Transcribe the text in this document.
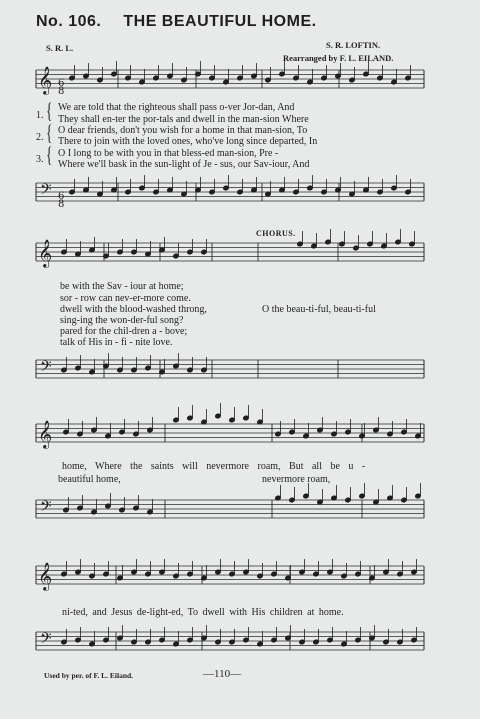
No. 106. THE BEAUTIFUL HOME.
S. R. L.	S. R. LOFTIN.
Rearranged by F. L. EILAND.
𝄞
𝄞
𝄞
𝄞
𝄢
𝄢
𝄢
𝄢
6
8
6
8
1.
2.
3.
{
{
{
We are told that the righteous shall pass o-ver Jor-dan, And
They shall en-ter the por-tals and dwell in the man-sion Where
O dear friends, don't you wish for a home in that man-sion, To
There to join with the loved ones, who've long since departed, In
O I long to be with you in that bless-ed man-sion, Pre -
Where we'll bask in the sun-light of Je - sus, our Sav-iour, And
CHORUS.
be with the Sav - iour at home;
sor - row can nev-er-more come.
dwell with the blood-washed throng,
sing-ing the won-der-ful song?
pared for the chil-dren a - bove;
talk of His in - fi - nite love.
O the beau-ti-ful, beau-ti-ful
home, Where the saints will nevermore roam, But all be u -
beautiful home,	nevermore roam,
ni-ted, and Jesus de-light-ed, To dwell with His children at home.
Used by per. of F. L. Eiland.	—110—
